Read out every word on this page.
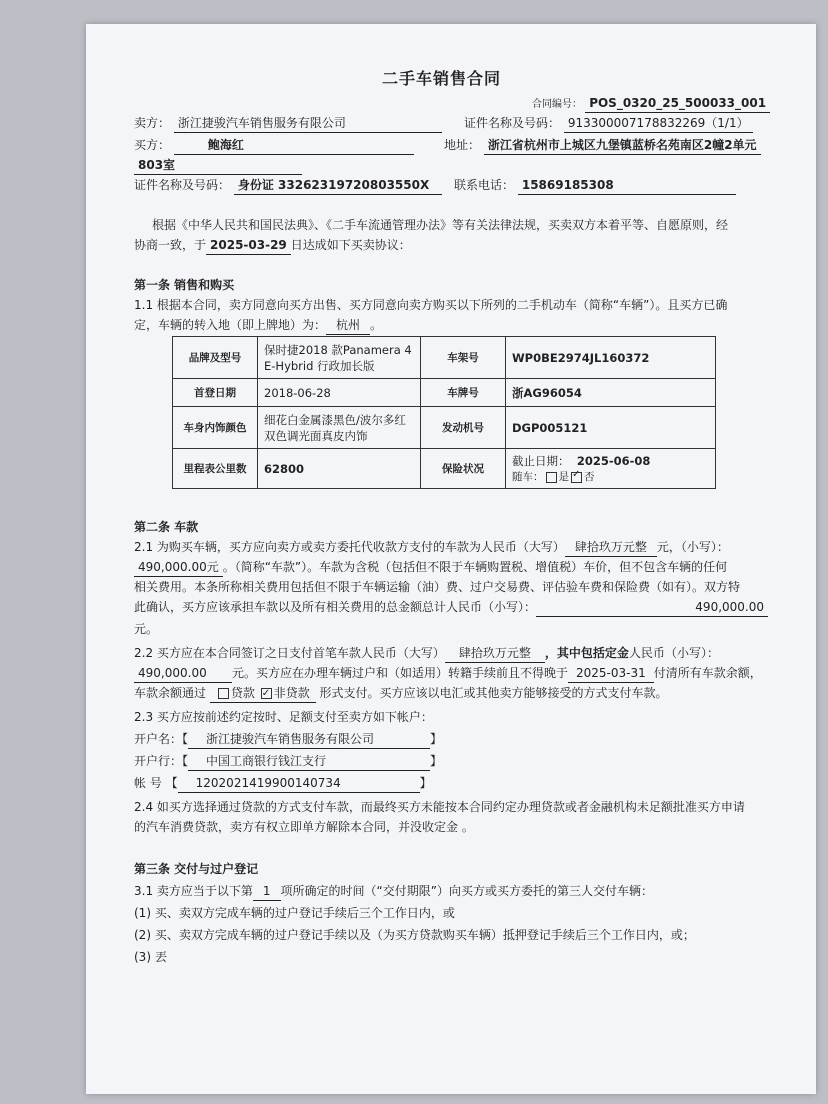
二手车销售合同
合同编号： POS_0320_25_500033_001
卖方： 浙江捷骏汽车销售服务有限公司	证件名称及号码： 913300007178832269（1/1）
买方：	鲍海红	地址： 浙江省杭州市上城区九堡镇蓝桥名苑南区2幢2单元
803室
证件名称及号码： 身份证 33262319720803550X	联系电话： 15869185308
根据《中华人民共和国民法典》、《二手车流通管理办法》等有关法律法规，买卖双方本着平等、自愿原则，经
协商一致，于 2025-03-29 日达成如下买卖协议：
第一条 销售和购买
1.1 根据本合同，卖方同意向买方出售、买方同意向卖方购买以下所列的二手机动车（简称“车辆”）。且买方已确
定，车辆的转入地（即上牌地）为： 杭州 。
品牌及型号	保时捷2018 款Panamera 4 E-Hybrid 行政加长版	车架号	WP0BE2974JL160372
首登日期	2018-06-28	车牌号	浙AG96054
车身内饰颜色	细花白金属漆黑色/波尔多红双色调光面真皮内饰	发动机号	DGP005121
里程表公里数	62800	保险状况	截止日期： 2025-06-08
随车： 是 ✓ 否
第二条 车款
2.1 为购买车辆，买方应向卖方或卖方委托代收款方支付的车款为人民币（大写） 肆拾玖万元整 元，（小写）：
490,000.00元 。（简称“车款”）。车款为含税（包括但不限于车辆购置税、增值税）车价，但不包含车辆的任何
相关费用。本条所称相关费用包括但不限于车辆运输（油）费、过户交易费、评估验车费和保险费（如有）。双方特
此确认，买方应该承担车款以及所有相关费用的总金额总计人民币（小写）：	490,000.00
元。
2.2 买方应在本合同签订之日支付首笔车款人民币（大写） 肆拾玖万元整 ，其中包括定金人民币（小写）：
490,000.00 元。买方应在办理车辆过户和（如适用）转籍手续前且不得晚于 2025-03-31 付清所有车款余额，
车款余额通过 贷款 ✓ 非贷款 形式支付。买方应该以电汇或其他卖方能够接受的方式支付车款。
2.3 买方应按前述约定按时、足额支付至卖方如下帐户：
开户名：【 浙江捷骏汽车销售服务有限公司	】
开户行：【 中国工商银行钱江支行	】
帐 号 【 1202021419900140734	】
2.4 如买方选择通过贷款的方式支付车款，而最终买方未能按本合同约定办理贷款或者金融机构未足额批准买方申请
的汽车消费贷款，卖方有权立即单方解除本合同，并没收定金 。
第三条 交付与过户登记
3.1 卖方应当于以下第 1 项所确定的时间（“交付期限”）向买方或买方委托的第三人交付车辆：
(1) 买、卖双方完成车辆的过户登记手续后三个工作日内，或
(2) 买、卖双方完成车辆的过户登记手续以及（为买方贷款购买车辆）抵押登记手续后三个工作日内，或；
(3) 丟
